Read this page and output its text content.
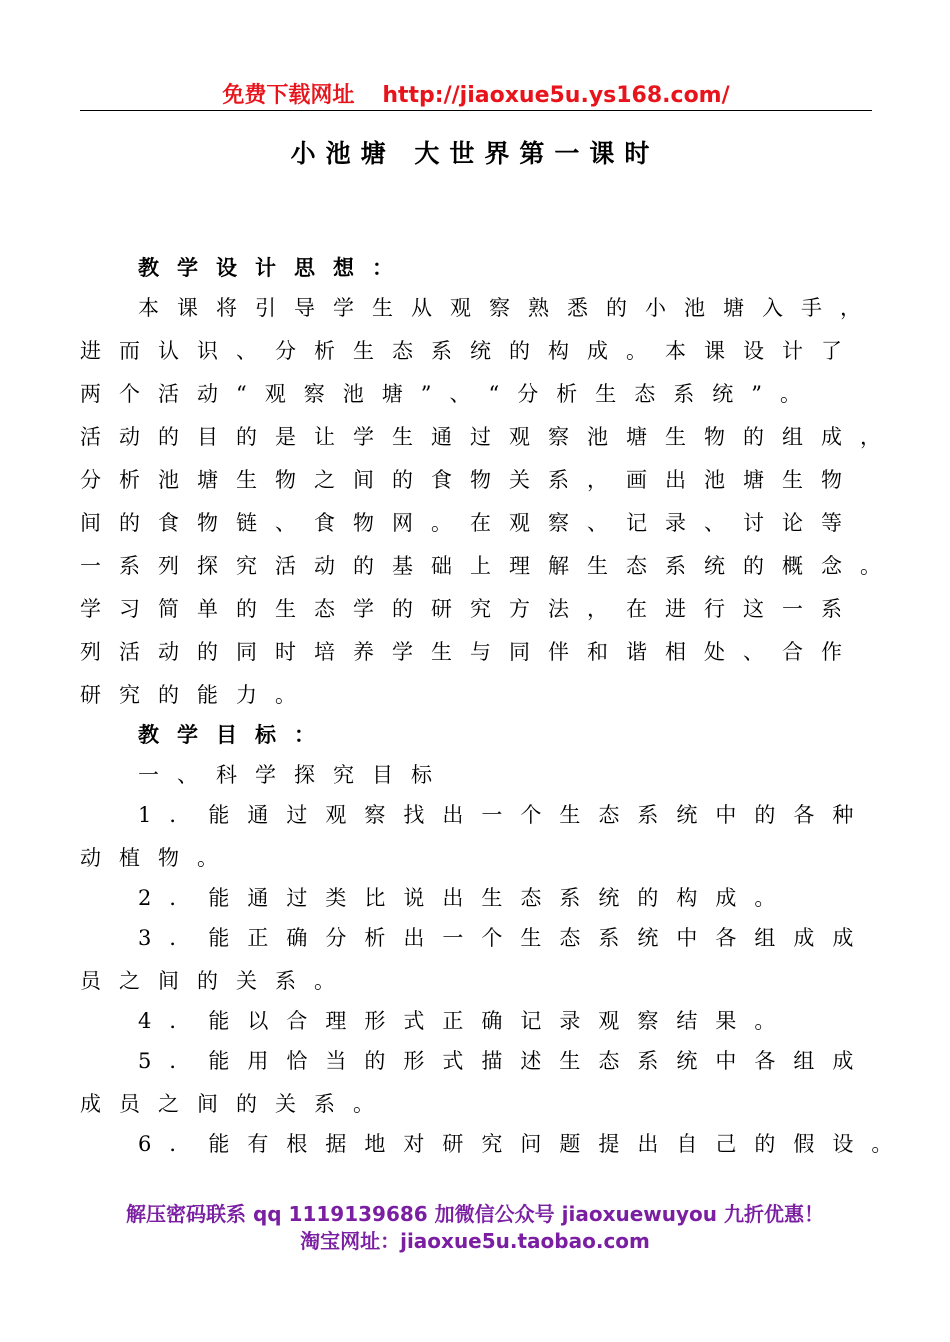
免费下载网址 http://jiaoxue5u.ys168.com/
小池塘 大世界第一课时
教学设计思想：
本课将引导学生从观察熟悉的小池塘入手，
进而认识、分析生态系统的构成。本课设计了
两个活动“观察池塘”、“分析生态系统”。
活动的目的是让学生通过观察池塘生物的组成，
分析池塘生物之间的食物关系，画出池塘生物
间的食物链、食物网。在观察、记录、讨论等
一系列探究活动的基础上理解生态系统的概念。
学习简单的生态学的研究方法，在进行这一系
列活动的同时培养学生与同伴和谐相处、合作
研究的能力。
教学目标：
一、科学探究目标
1．能通过观察找出一个生态系统中的各种
动植物。
2．能通过类比说出生态系统的构成。
3．能正确分析出一个生态系统中各组成成
员之间的关系。
4．能以合理形式正确记录观察结果。
5．能用恰当的形式描述生态系统中各组成
成员之间的关系。
6．能有根据地对研究问题提出自己的假设。
解压密码联系 qq 1119139686 加微信公众号 jiaoxuewuyou 九折优惠！
淘宝网址：jiaoxue5u.taobao.com
